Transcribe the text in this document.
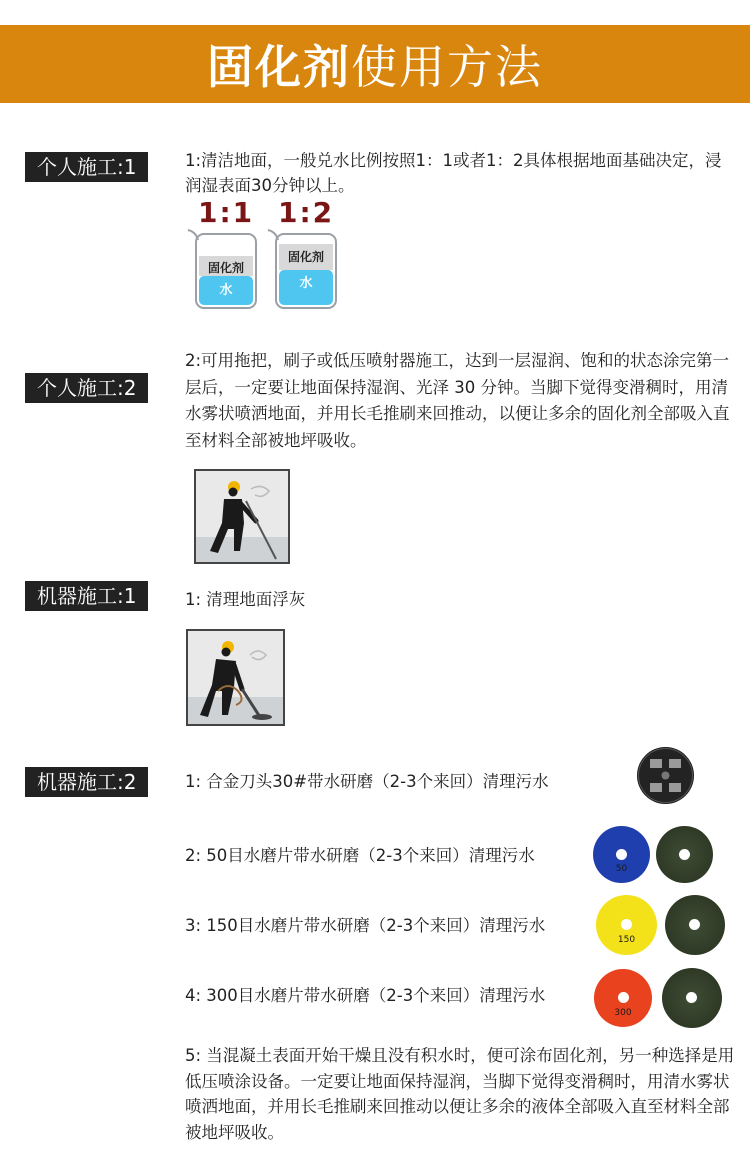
固化剂使用方法
个人施工:1	1:清洁地面，一般兑水比例按照1：1或者1：2具体根据地面基础决定，浸润湿表面30分钟以上。
1:1 1:2
固化剂
水
固化剂
水
个人施工:2
2:可用拖把，刷子或低压喷射器施工，达到一层湿润、饱和的状态涂完第一层后，一定要让地面保持湿润、光泽 30 分钟。当脚下觉得变滑稠时，用清水雾状喷洒地面，并用长毛推刷来回推动，以便让多余的固化剂全部吸入直至材料全部被地坪吸收。
机器施工:1	1: 清理地面浮灰
机器施工:2	1: 合金刀头30#带水研磨（2-3个来回）清理污水
2: 50目水磨片带水研磨（2-3个来回）清理污水
50
3: 150目水磨片带水研磨（2-3个来回）清理污水
150
4: 300目水磨片带水研磨（2-3个来回）清理污水
300
5: 当混凝土表面开始干燥且没有积水时，便可涂布固化剂，另一种选择是用低压喷涂设备。一定要让地面保持湿润，当脚下觉得变滑稠时，用清水雾状喷洒地面，并用长毛推刷来回推动以便让多余的液体全部吸入直至材料全部被地坪吸收。
